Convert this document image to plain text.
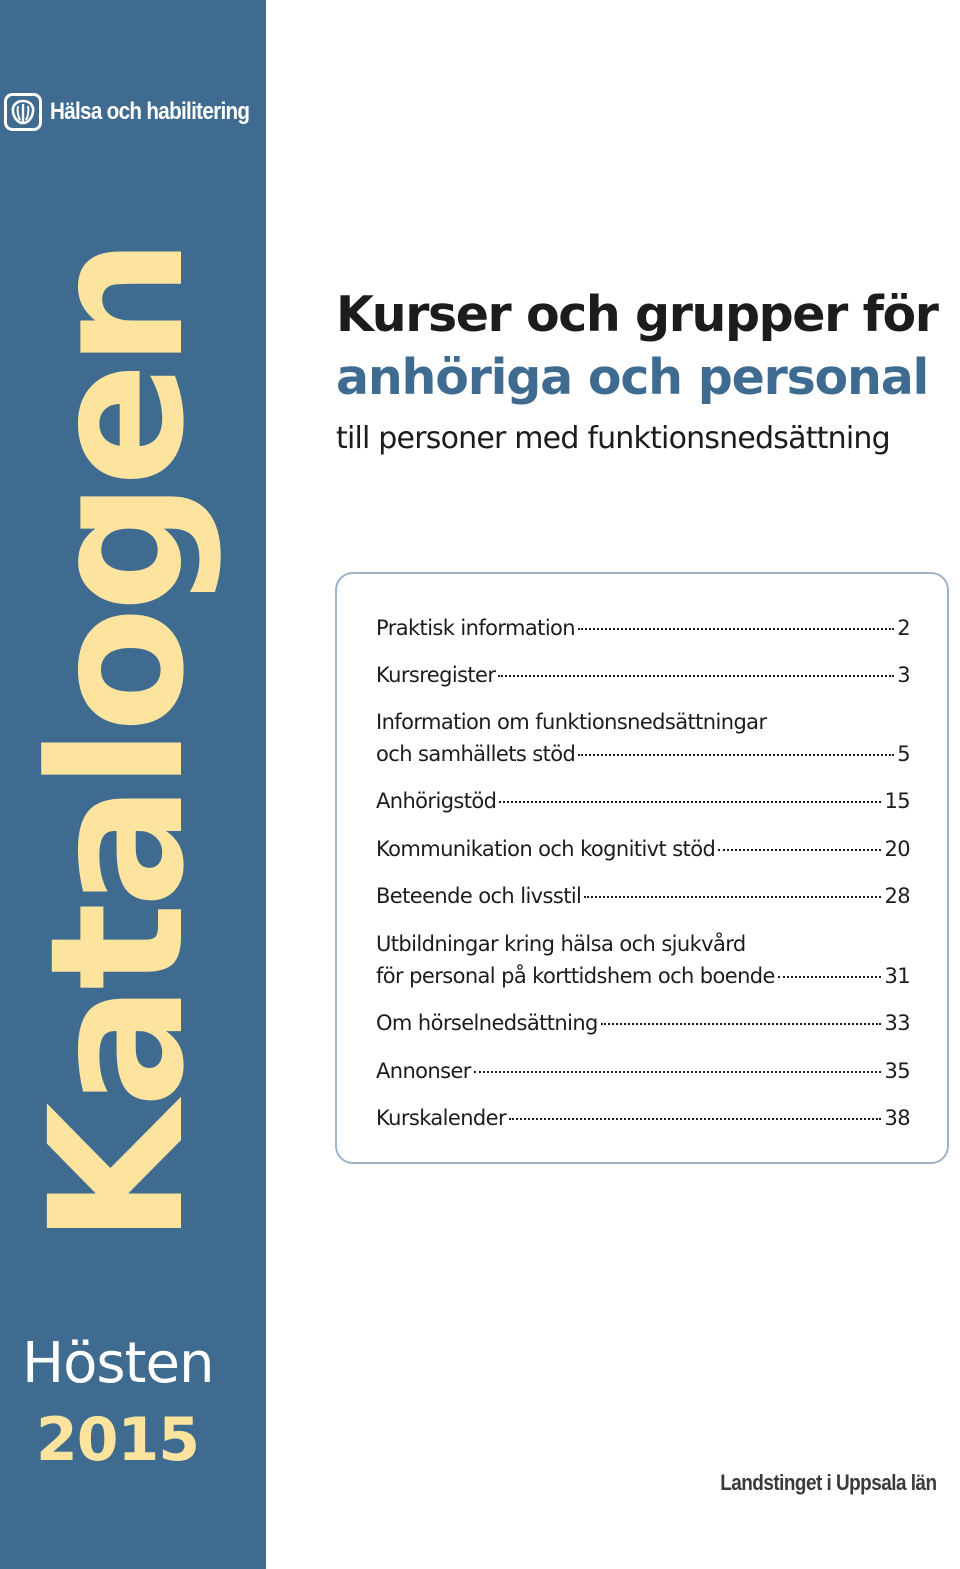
Hälsa och habilitering
Katalogen
Hösten
2015
Kurser och grupper för
anhöriga och personal
till personer med funktionsnedsättning
Praktisk information	2
Kursregister	3
Information om funktionsnedsättningar
och samhällets stöd	5
Anhörigstöd	15
Kommunikation och kognitivt stöd	20
Beteende och livsstil	28
Utbildningar kring hälsa och sjukvård
för personal på korttidshem och boende	31
Om hörselnedsättning	33
Annonser	35
Kurskalender	38
Landstinget i Uppsala län
